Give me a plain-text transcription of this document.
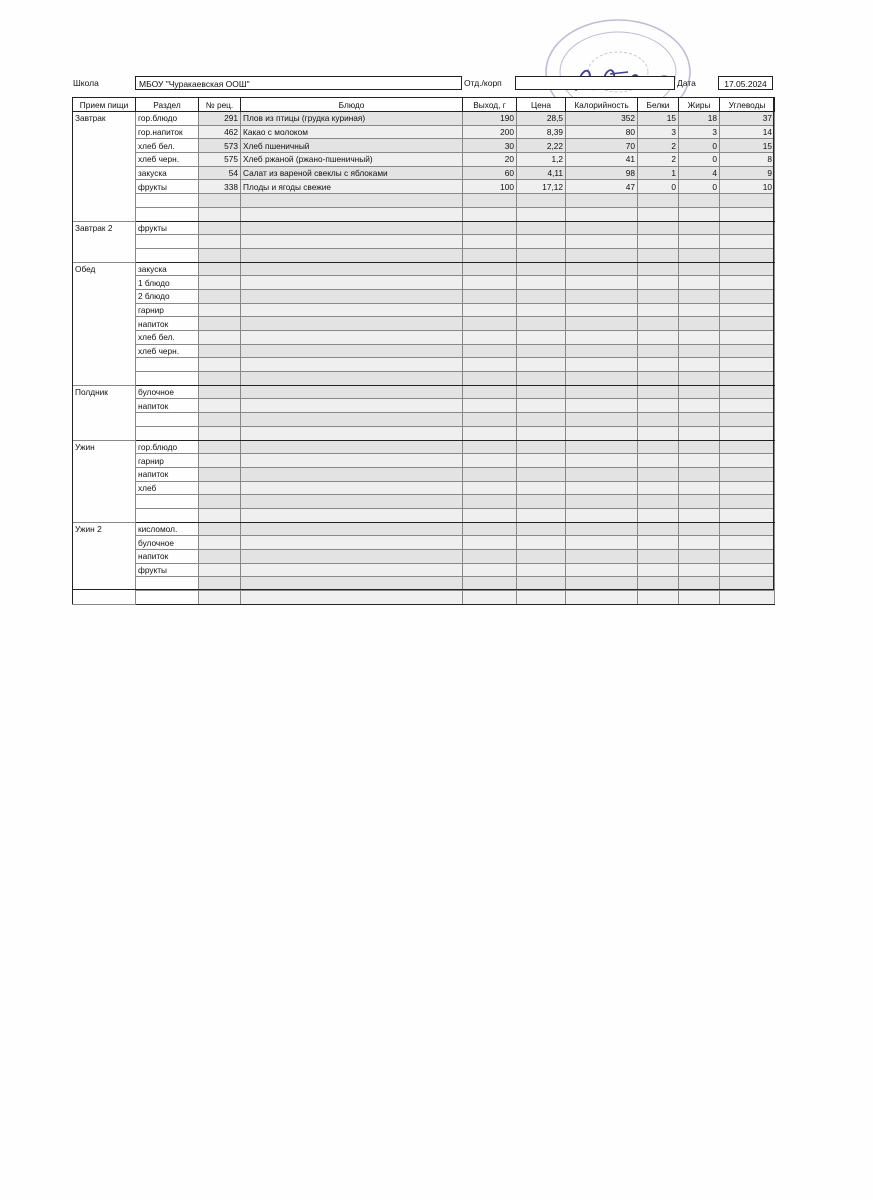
Школа	МБОУ "Чуракаевская ООШ"	Отд./корп	Дата	17.05.2024
Прием пищи	Раздел	№ рец.	Блюдо	Выход, г	Цена	Калорийность	Белки	Жиры	Углеводы
Завтрак	гор.блюдо	291	Плов из птицы (грудка куриная)	190	28,5	352	15	18	37
	гор.напиток	462	Какао с молоком	200	8,39	80	3	3	14
	хлеб бел.	573	Хлеб пшеничный	30	2,22	70	2	0	15
	хлеб черн.	575	Хлеб ржаной (ржано-пшеничный)	20	1,2	41	2	0	8
	закуска	54	Салат из вареной свеклы с яблоками	60	4,11	98	1	4	9
	фрукты	338	Плоды и ягоды свежие	100	17,12	47	0	0	10

Завтрак 2	фрукты								

Обед	закуска								
	1 блюдо								
	2 блюдо								
	гарнир								
	напиток								
	хлеб бел.								
	хлеб черн.								

Полдник	булочное								
	напиток								

Ужин	гор.блюдо								
	гарнир								
	напиток								
	хлеб								

Ужин 2	кисломол.								
	булочное								
	напиток								
	фрукты								
